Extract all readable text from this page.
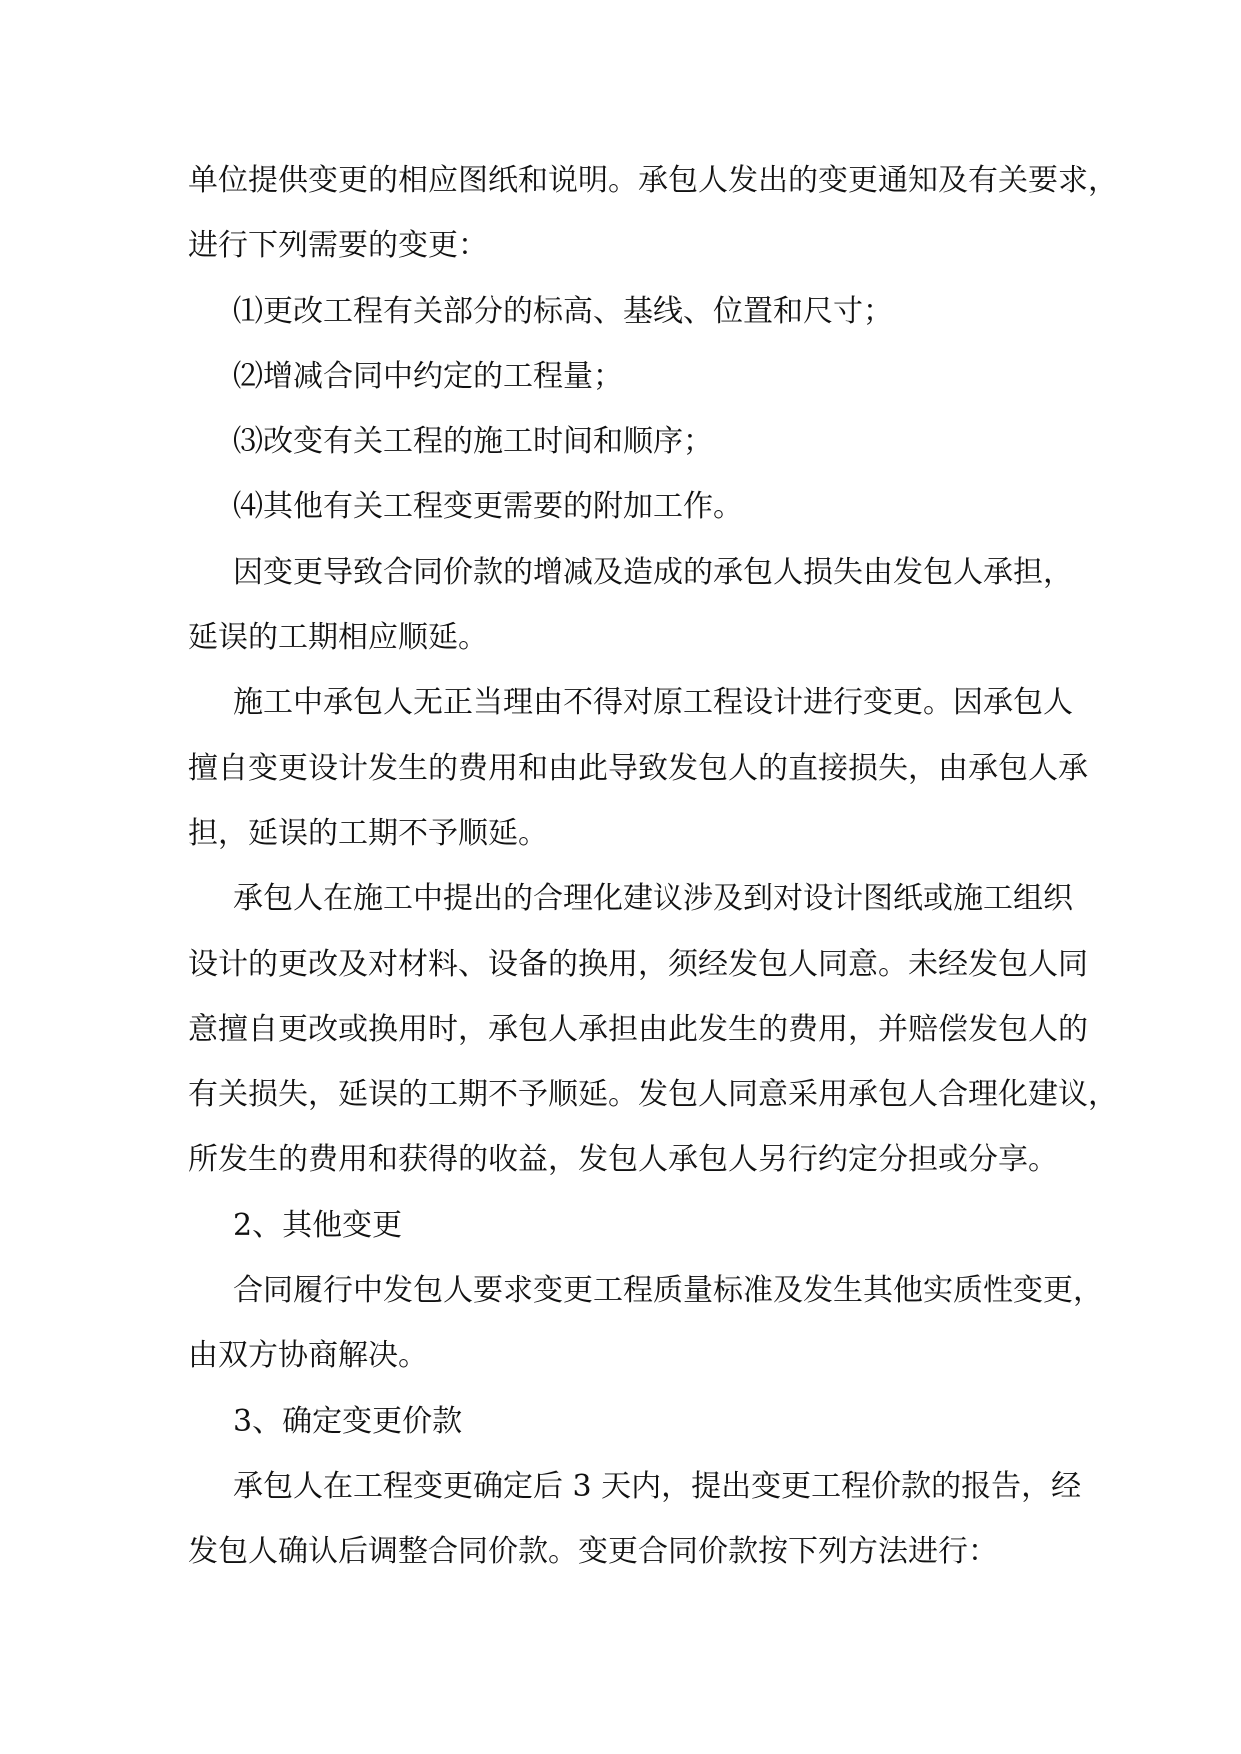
单位提供变更的相应图纸和说明。承包人发出的变更通知及有关要求，
进行下列需要的变更：
⑴更改工程有关部分的标高、基线、位置和尺寸；
⑵增减合同中约定的工程量；
⑶改变有关工程的施工时间和顺序；
⑷其他有关工程变更需要的附加工作。
因变更导致合同价款的增减及造成的承包人损失由发包人承担，
延误的工期相应顺延。
施工中承包人无正当理由不得对原工程设计进行变更。因承包人
擅自变更设计发生的费用和由此导致发包人的直接损失，由承包人承
担，延误的工期不予顺延。
承包人在施工中提出的合理化建议涉及到对设计图纸或施工组织
设计的更改及对材料、设备的换用，须经发包人同意。未经发包人同
意擅自更改或换用时，承包人承担由此发生的费用，并赔偿发包人的
有关损失，延误的工期不予顺延。发包人同意采用承包人合理化建议，
所发生的费用和获得的收益，发包人承包人另行约定分担或分享。
2、其他变更
合同履行中发包人要求变更工程质量标准及发生其他实质性变更，
由双方协商解决。
3、确定变更价款
承包人在工程变更确定后 3 天内，提出变更工程价款的报告，经
发包人确认后调整合同价款。变更合同价款按下列方法进行：
